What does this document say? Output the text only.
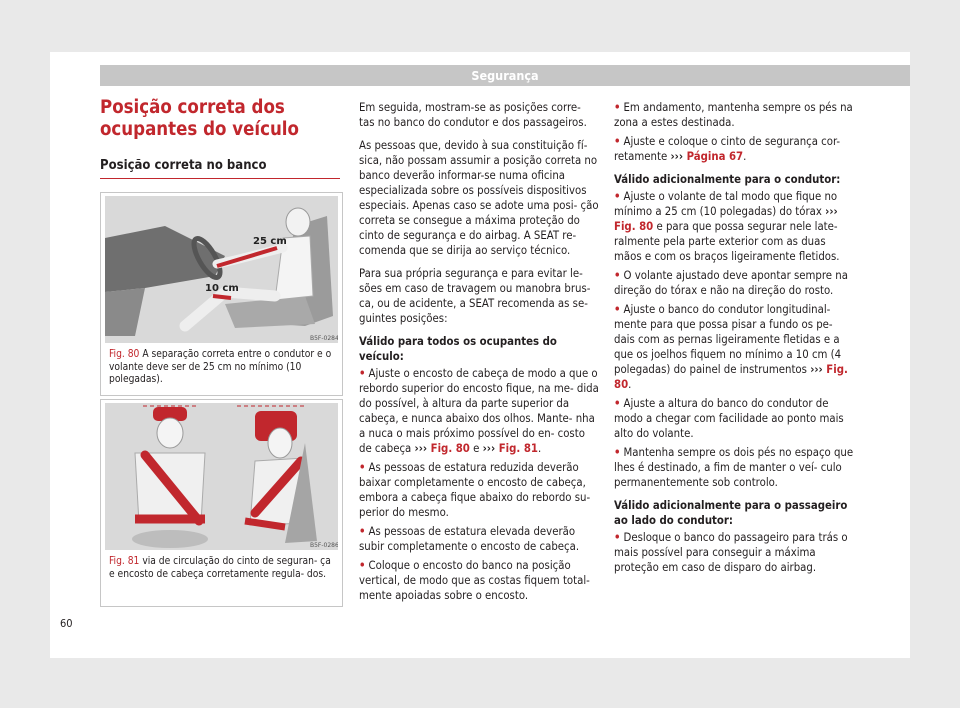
Segurança
Posição correta dos ocupantes do veículo
Posição correta no banco
25 cm
10 cm
B5F-0284
Fig. 80 A separação correta entre o condutor e o volante deve ser de 25 cm no mínimo (10 polegadas).
B5F-0286
Fig. 81 via de circulação do cinto de seguran- ça e encosto de cabeça corretamente regula- dos.

Em seguida, mostram-se as posições corre- tas no banco do condutor e dos passageiros.

As pessoas que, devido à sua constituição fí- sica, não possam assumir a posição correta no banco deverão informar-se numa oficina especializada sobre os possíveis dispositivos especiais. Apenas caso se adote uma posi- ção correta se consegue a máxima proteção do cinto de segurança e do airbag. A SEAT re- comenda que se dirija ao serviço técnico.

Para sua própria segurança e para evitar le- sões em caso de travagem ou manobra brus- ca, ou de acidente, a SEAT recomenda as se- guintes posições:

Válido para todos os ocupantes do veículo:
• Ajuste o encosto de cabeça de modo a que o rebordo superior do encosto fique, na me- dida do possível, à altura da parte superior da cabeça, e nunca abaixo dos olhos. Mante- nha a nuca o mais próximo possível do en- costo de cabeça ››› Fig. 80 e ››› Fig. 81.
• As pessoas de estatura reduzida deverão baixar completamente o encosto de cabeça, embora a cabeça fique abaixo do rebordo su- perior do mesmo.
• As pessoas de estatura elevada deverão subir completamente o encosto de cabeça.
• Coloque o encosto do banco na posição vertical, de modo que as costas fiquem total- mente apoiadas sobre o encosto.
• Em andamento, mantenha sempre os pés na zona a estes destinada.
• Ajuste e coloque o cinto de segurança cor- retamente ››› Página 67.
Válido adicionalmente para o condutor:
• Ajuste o volante de tal modo que fique no mínimo a 25 cm (10 polegadas) do tórax ››› Fig. 80 e para que possa segurar nele late- ralmente pela parte exterior com as duas mãos e com os braços ligeiramente fletidos.
• O volante ajustado deve apontar sempre na direção do tórax e não na direção do rosto.
• Ajuste o banco do condutor longitudinal- mente para que possa pisar a fundo os pe- dais com as pernas ligeiramente fletidas e a que os joelhos fiquem no mínimo a 10 cm (4 polegadas) do painel de instrumentos ››› Fig. 80.
• Ajuste a altura do banco do condutor de modo a chegar com facilidade ao ponto mais alto do volante.
• Mantenha sempre os dois pés no espaço que lhes é destinado, a fim de manter o veí- culo permanentemente sob controlo.
Válido adicionalmente para o passageiro ao lado do condutor:
• Desloque o banco do passageiro para trás o mais possível para conseguir a máxima proteção em caso de disparo do airbag.
60
